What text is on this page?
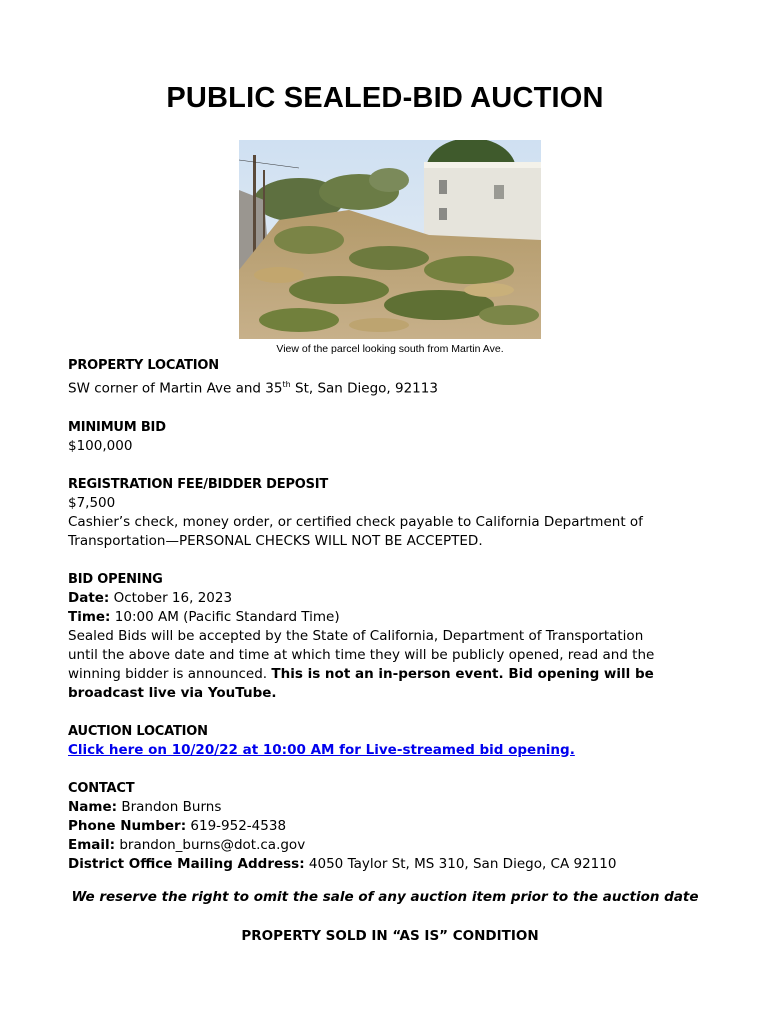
PUBLIC SEALED-BID AUCTION
View of the parcel looking south from Martin Ave.
PROPERTY LOCATION
SW corner of Martin Ave and 35th St, San Diego, 92113
MINIMUM BID
$100,000
REGISTRATION FEE/BIDDER DEPOSIT
$7,500
Cashier’s check, money order, or certified check payable to California Department of
Transportation—PERSONAL CHECKS WILL NOT BE ACCEPTED.
BID OPENING
Date: October 16, 2023
Time: 10:00 AM (Pacific Standard Time)
Sealed Bids will be accepted by the State of California, Department of Transportation
until the above date and time at which time they will be publicly opened, read and the
winning bidder is announced. This is not an in-person event. Bid opening will be
broadcast live via YouTube.
AUCTION LOCATION
Click here on 10/20/22 at 10:00 AM for Live-streamed bid opening.
CONTACT
Name: Brandon Burns
Phone Number: 619-952-4538
Email: brandon_burns@dot.ca.gov
District Office Mailing Address: 4050 Taylor St, MS 310, San Diego, CA 92110
We reserve the right to omit the sale of any auction item prior to the auction date
PROPERTY SOLD IN “AS IS” CONDITION
